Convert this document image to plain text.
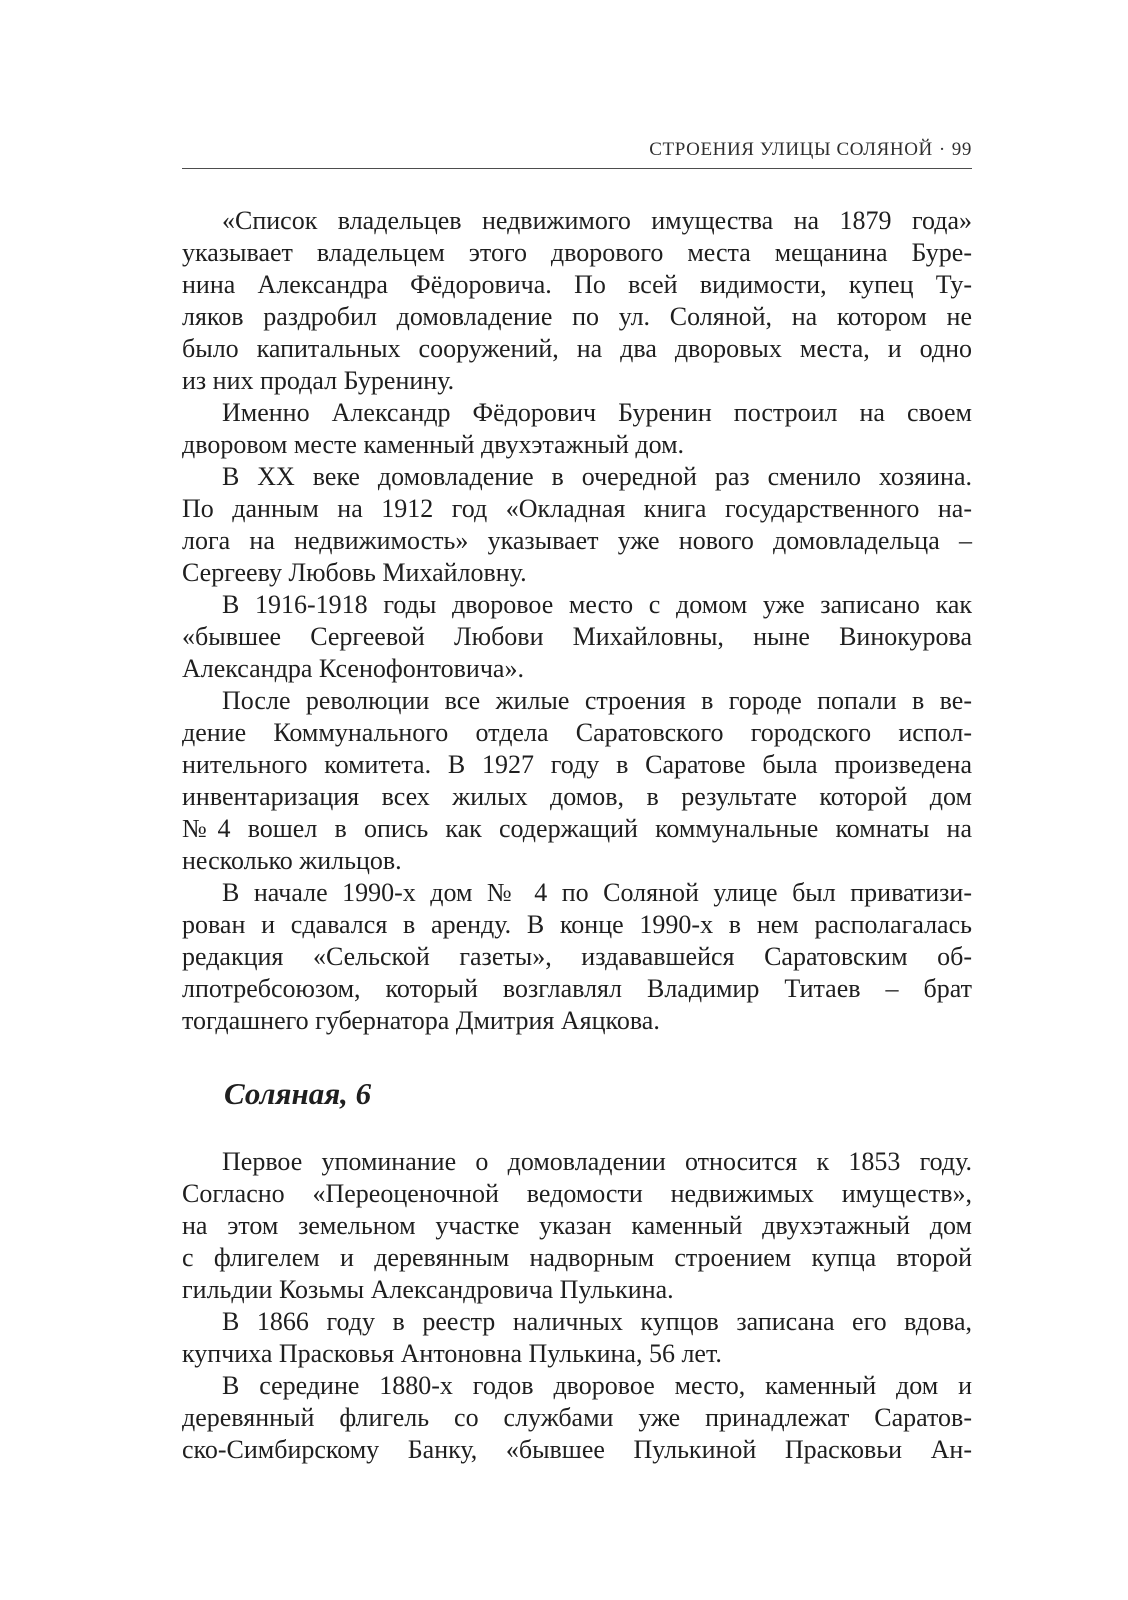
СТРОЕНИЯ УЛИЦЫ СОЛЯНОЙ · 99

«Список владельцев недвижимого имущества на 1879 года»
указывает владельцем этого дворового места мещанина Буре-
нина Александра Фёдоровича. По всей видимости, купец Ту-
ляков раздробил домовладение по ул. Соляной, на котором не
было капитальных сооружений, на два дворовых места, и одно
из них продал Буренину.

Именно Александр Фёдорович Буренин построил на своем
дворовом месте каменный двухэтажный дом.

В ХХ веке домовладение в очередной раз сменило хозяина.
По данным на 1912 год «Окладная книга государственного на-
лога на недвижимость» указывает уже нового домовладельца –
Сергееву Любовь Михайловну.

В 1916-1918 годы дворовое место с домом уже записано как
«бывшее Сергеевой Любови Михайловны, ныне Винокурова
Александра Ксенофонтовича».

После революции все жилые строения в городе попали в ве-
дение Коммунального отдела Саратовского городского испол-
нительного комитета. В 1927 году в Саратове была произведена
инвентаризация всех жилых домов, в результате которой дом
№4 вошел в опись как содержащий коммунальные комнаты на
несколько жильцов.

В начале 1990-х дом № 4 по Соляной улице был приватизи-
рован и сдавался в аренду. В конце 1990-х в нем располагалась
редакция «Сельской газеты», издававшейся Саратовским об-
лпотребсоюзом, который возглавлял Владимир Титаев – брат
тогдашнего губернатора Дмитрия Аяцкова.

Соляная, 6

Первое упоминание о домовладении относится к 1853 году.
Согласно «Переоценочной ведомости недвижимых имуществ»,
на этом земельном участке указан каменный двухэтажный дом
с флигелем и деревянным надворным строением купца второй
гильдии Козьмы Александровича Пулькина.

В 1866 году в реестр наличных купцов записана его вдова,
купчиха Прасковья Антоновна Пулькина, 56 лет.

В середине 1880-х годов дворовое место, каменный дом и
деревянный флигель со службами уже принадлежат Саратов-
ско-Симбирскому Банку, «бывшее Пулькиной Прасковьи Ан-
